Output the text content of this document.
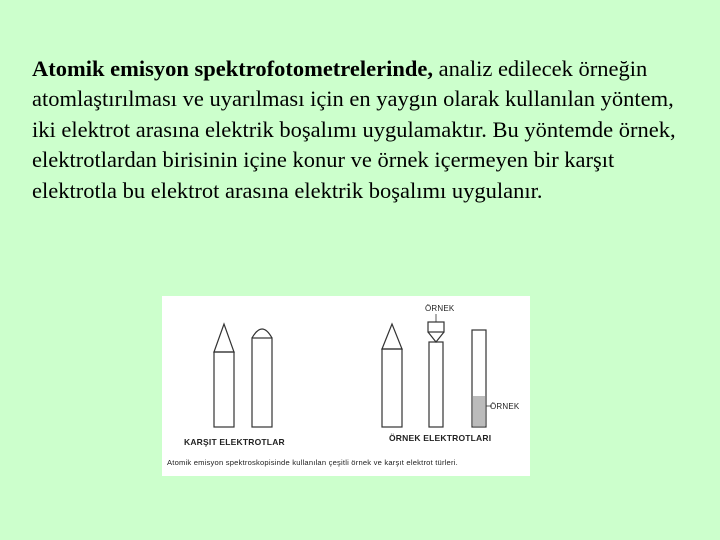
Atomik emisyon spektrofotometrelerinde, analiz edilecek örneğin atomlaştırılması ve uyarılması için en yaygın olarak kullanılan yöntem, iki elektrot arasına elektrik boşalımı uygulamaktır. Bu yöntemde örnek, elektrotlardan birisinin içine konur ve örnek içermeyen bir karşıt elektrotla bu elektrot arasına elektrik boşalımı uygulanır.

ÖRNEK
ÖRNEK
KARŞIT ELEKTROTLAR	ÖRNEK ELEKTROTLARI
Atomik emisyon spektroskopisinde kullanılan çeşitli örnek ve karşıt elektrot türleri.
